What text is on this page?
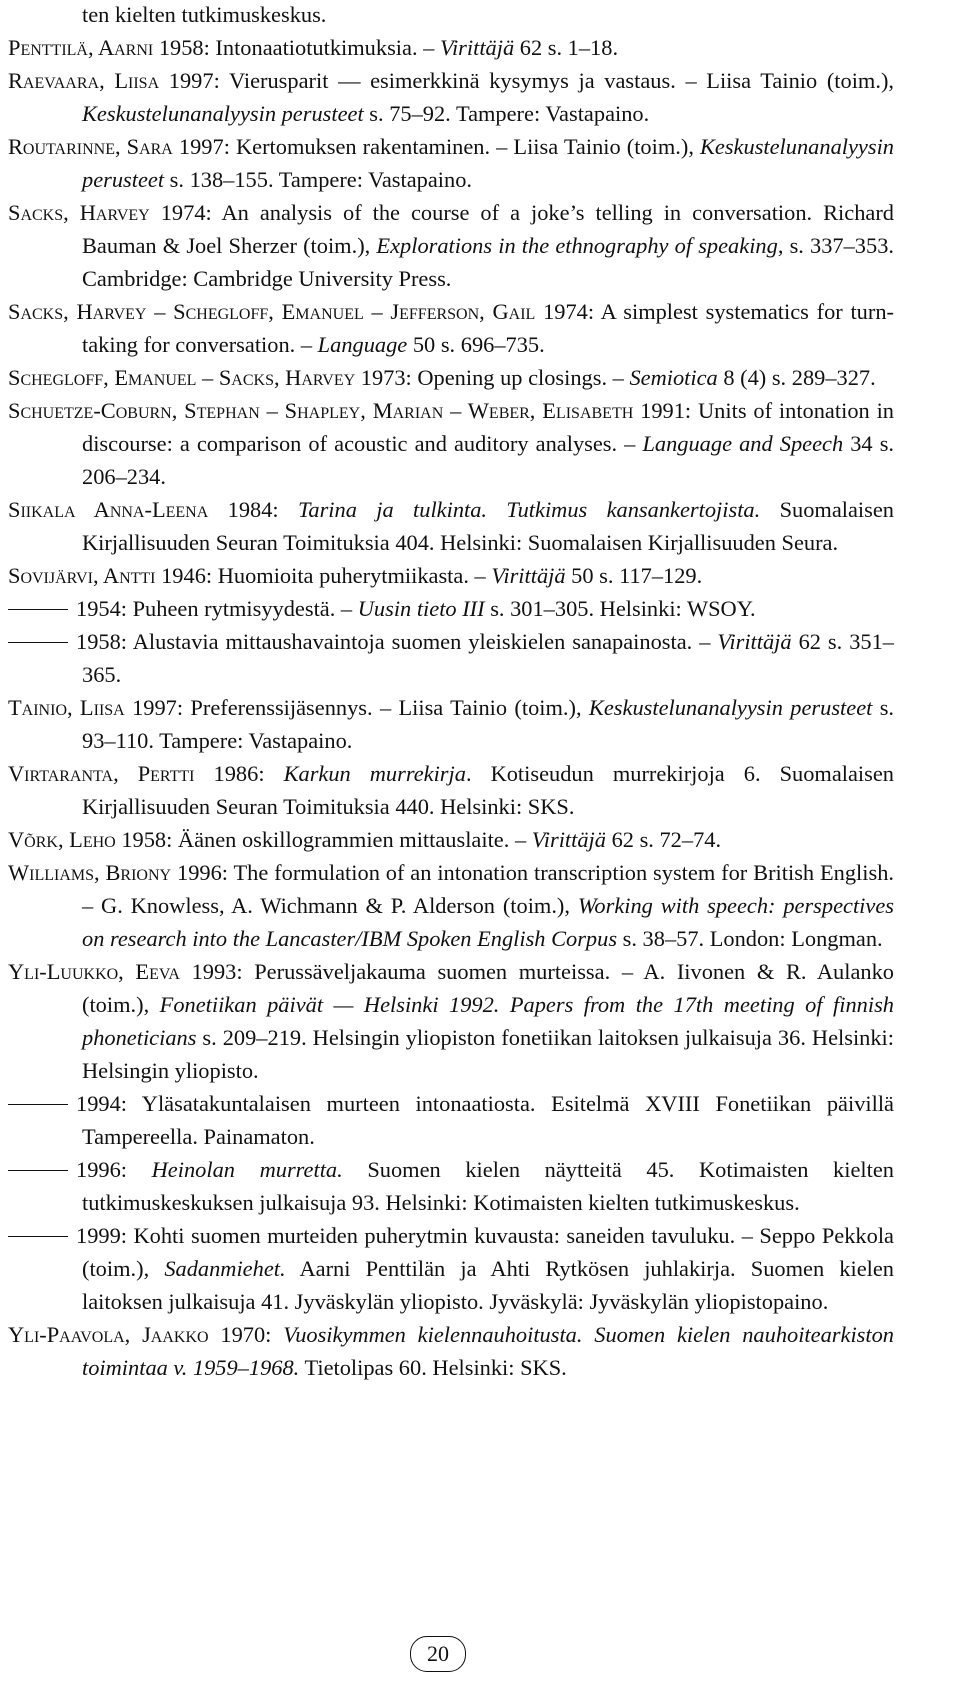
ten kielten tutkimuskeskus.

Penttilä, Aarni 1958: Intonaatiotutkimuksia. – Virittäjä 62 s. 1–18.

Raevaara, Liisa 1997: Vierusparit — esimerkkinä kysymys ja vastaus. – Liisa Tainio (toim.), Keskustelunanalyysin perusteet s. 75–92. Tampere: Vastapaino.

Routarinne, Sara 1997: Kertomuksen rakentaminen. – Liisa Tainio (toim.), Keskustelunanalyysin perusteet s. 138–155. Tampere: Vastapaino.

Sacks, Harvey 1974: An analysis of the course of a joke’s telling in conversation. Richard Bauman & Joel Sherzer (toim.), Explorations in the ethnography of speaking, s. 337–353. Cambridge: Cambridge University Press.

Sacks, Harvey – Schegloff, Emanuel – Jefferson, Gail 1974: A simplest systematics for turn-taking for conversation. – Language 50 s. 696–735.

Schegloff, Emanuel – Sacks, Harvey 1973: Opening up closings. – Semiotica 8 (4) s. 289–327.

Schuetze-Coburn, Stephan – Shapley, Marian – Weber, Elisabeth 1991: Units of intonation in discourse: a comparison of acoustic and auditory analyses. – Language and Speech 34 s. 206–234.

Siikala Anna-Leena 1984: Tarina ja tulkinta. Tutkimus kansankertojista. Suomalaisen Kirjallisuuden Seuran Toimituksia 404. Helsinki: Suomalaisen Kirjallisuuden Seura.

Sovijärvi, Antti 1946: Huomioita puherytmiikasta. – Virittäjä 50 s. 117–129.

1954: Puheen rytmisyydestä. – Uusin tieto III s. 301–305. Helsinki: WSOY.

1958: Alustavia mittaushavaintoja suomen yleiskielen sanapainosta. – Virittäjä 62 s. 351–365.

Tainio, Liisa 1997: Preferenssijäsennys. – Liisa Tainio (toim.), Keskustelunanalyysin perusteet s. 93–110. Tampere: Vastapaino.

Virtaranta, Pertti 1986: Karkun murrekirja. Kotiseudun murrekirjoja 6. Suomalaisen Kirjallisuuden Seuran Toimituksia 440. Helsinki: SKS.

Võrk, Leho 1958: Äänen oskillogrammien mittauslaite. – Virittäjä 62 s. 72–74.

Williams, Briony 1996: The formulation of an intonation transcription system for British English. – G. Knowless, A. Wichmann & P. Alderson (toim.), Working with speech: perspectives on research into the Lancaster/IBM Spoken English Corpus s. 38–57. London: Longman.

Yli-Luukko, Eeva 1993: Perussäveljakauma suomen murteissa. – A. Iivonen & R. Aulanko (toim.), Fonetiikan päivät — Helsinki 1992. Papers from the 17th meeting of finnish phoneticians s. 209–219. Helsingin yliopiston fonetiikan laitoksen julkaisuja 36. Helsinki: Helsingin yliopisto.

1994: Yläsatakuntalaisen murteen intonaatiosta. Esitelmä XVIII Fonetiikan päivillä Tampereella. Painamaton.

1996: Heinolan murretta. Suomen kielen näytteitä 45. Kotimaisten kielten tutkimuskeskuksen julkaisuja 93. Helsinki: Kotimaisten kielten tutkimuskeskus.

1999: Kohti suomen murteiden puherytmin kuvausta: saneiden tavuluku. – Seppo Pekkola (toim.), Sadanmiehet. Aarni Penttilän ja Ahti Rytkösen juhlakirja. Suomen kielen laitoksen julkaisuja 41. Jyväskylän yliopisto. Jyväskylä: Jyväskylän yliopistopaino.

Yli-Paavola, Jaakko 1970: Vuosikymmen kielennauhoitusta. Suomen kielen nauhoitearkiston toimintaa v. 1959–1968. Tietolipas 60. Helsinki: SKS.

20
